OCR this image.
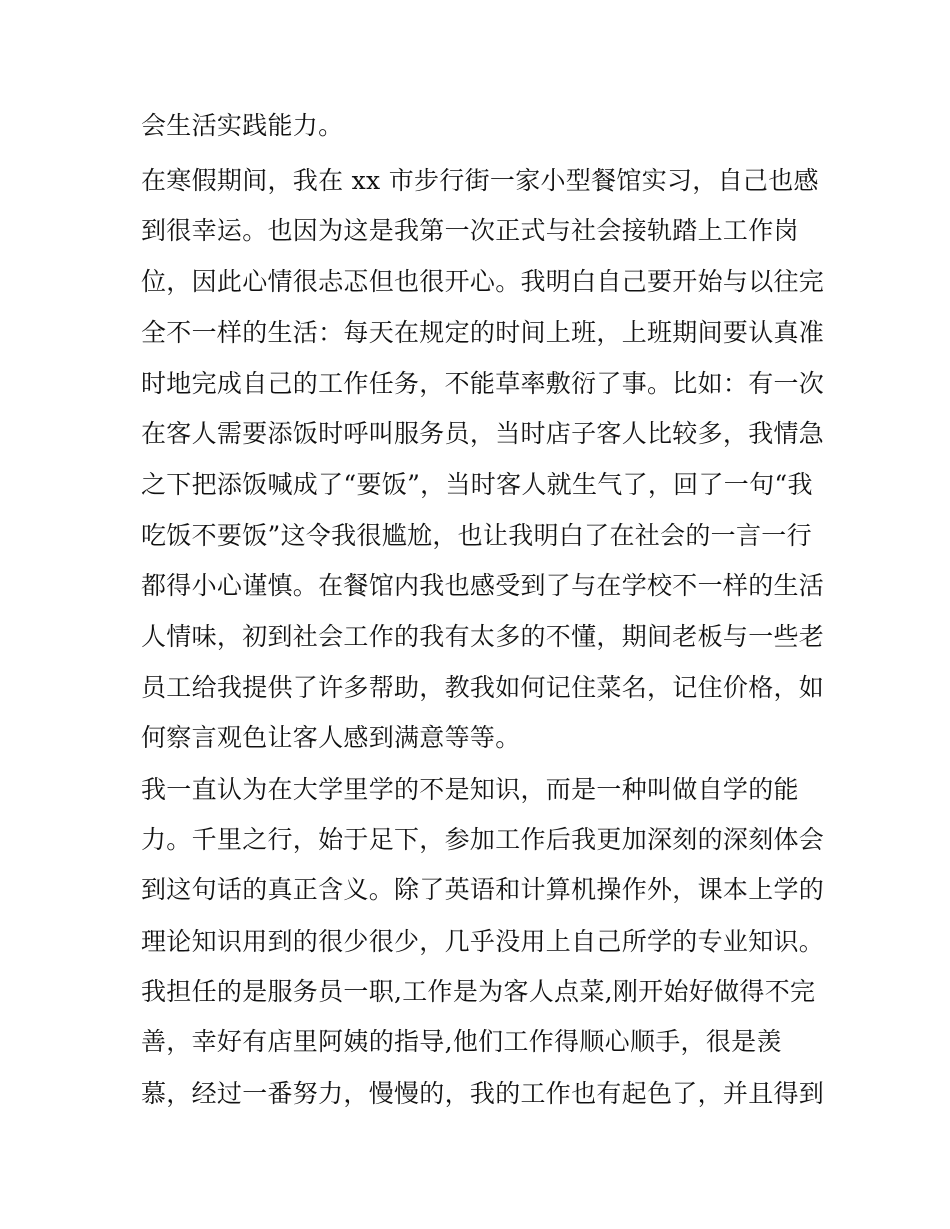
会生活实践能力。

在寒假期间，我在 xx 市步行街一家小型餐馆实习，自己也感

到很幸运。也因为这是我第一次正式与社会接轨踏上工作岗

位，因此心情很忐忑但也很开心。我明白自己要开始与以往完

全不一样的生活：每天在规定的时间上班，上班期间要认真准

时地完成自己的工作任务，不能草率敷衍了事。比如：有一次

在客人需要添饭时呼叫服务员，当时店子客人比较多，我情急

之下把添饭喊成了“要饭”，当时客人就生气了，回了一句“我

吃饭不要饭”这令我很尴尬，也让我明白了在社会的一言一行

都得小心谨慎。在餐馆内我也感受到了与在学校不一样的生活

人情味，初到社会工作的我有太多的不懂，期间老板与一些老

员工给我提供了许多帮助，教我如何记住菜名，记住价格，如

何察言观色让客人感到满意等等。

我一直认为在大学里学的不是知识，而是一种叫做自学的能

力。千里之行，始于足下，参加工作后我更加深刻的深刻体会

到这句话的真正含义。除了英语和计算机操作外，课本上学的

理论知识用到的很少很少，几乎没用上自己所学的专业知识。

我担任的是服务员一职,工作是为客人点菜,刚开始好做得不完

善，幸好有店里阿姨的指导,他们工作得顺心顺手，很是羡

慕，经过一番努力，慢慢的，我的工作也有起色了，并且得到
